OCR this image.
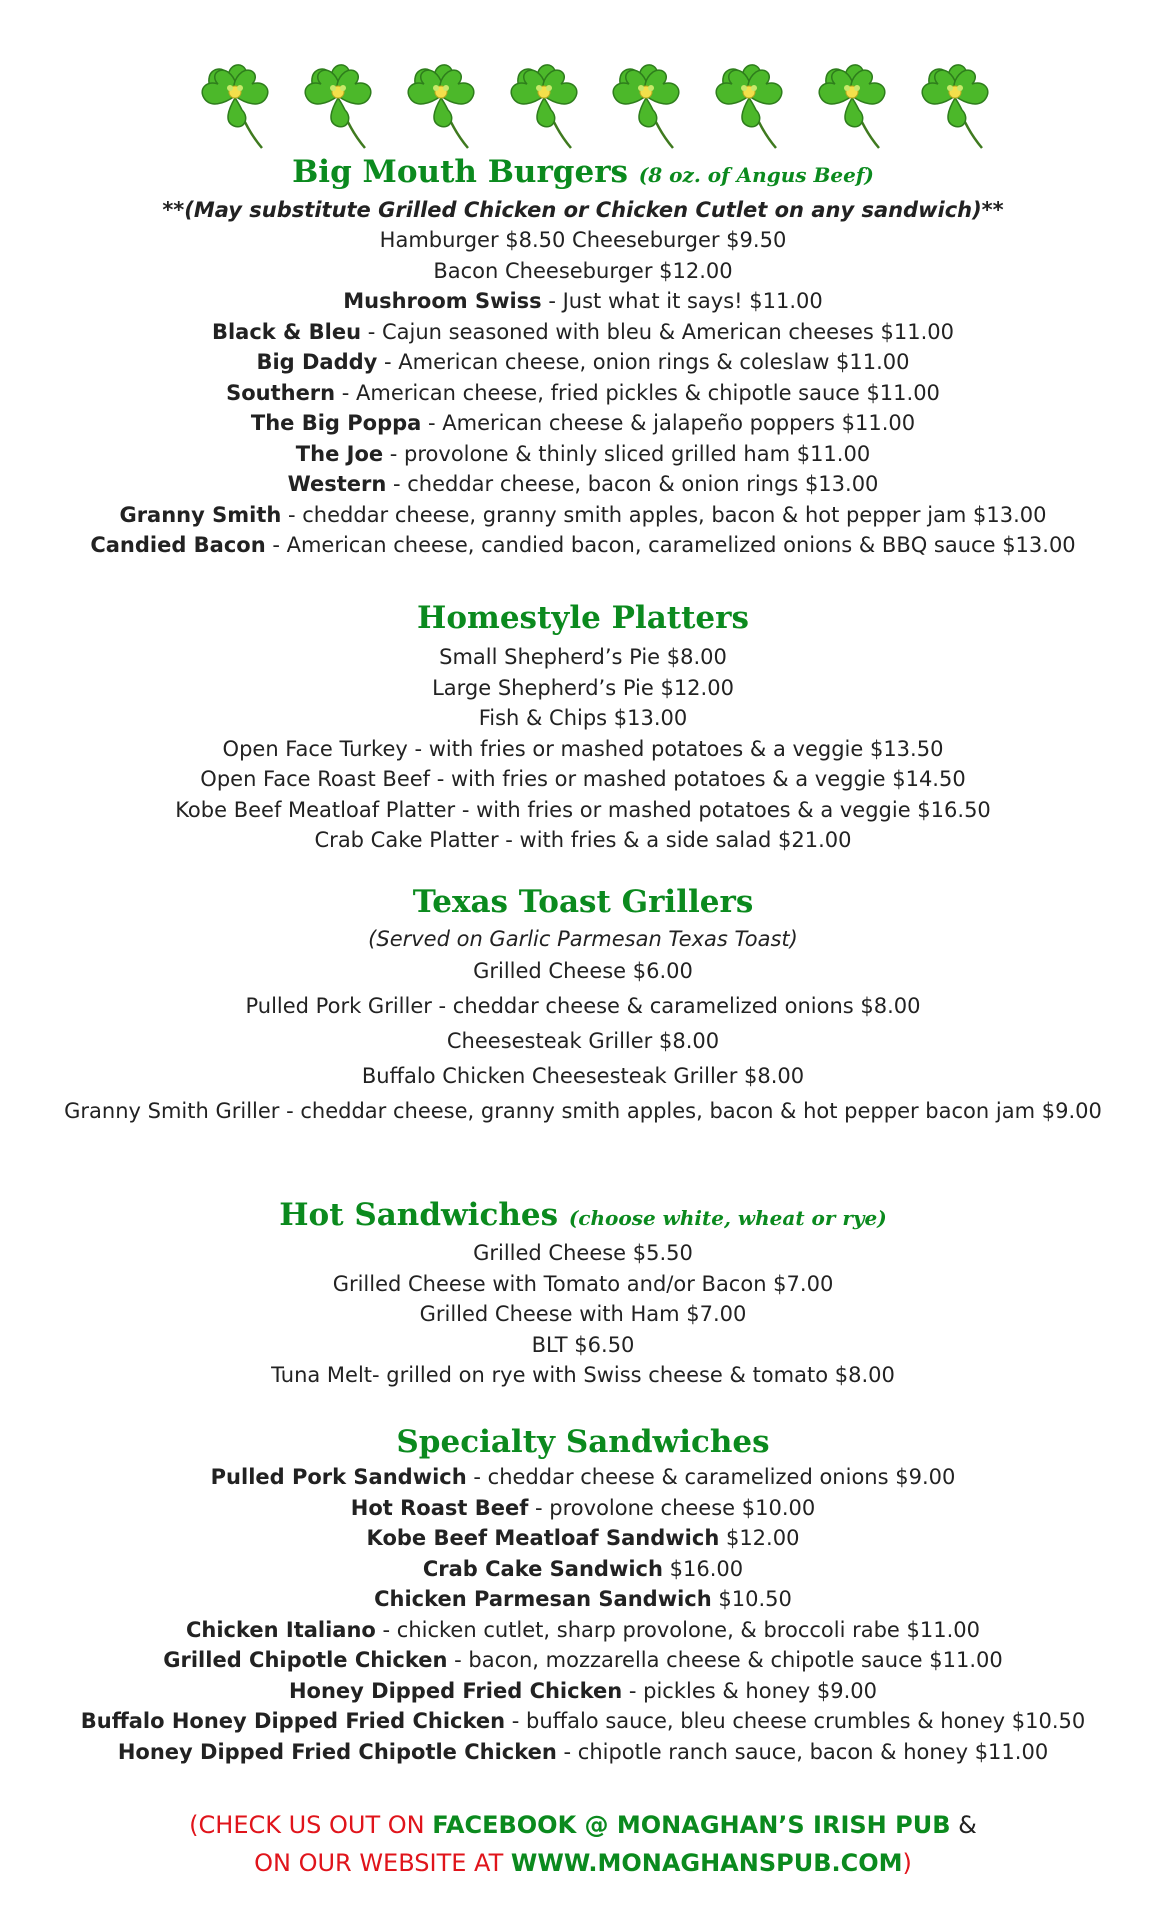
Big Mouth Burgers (8 oz. of Angus Beef)
**(May substitute Grilled Chicken or Chicken Cutlet on any sandwich)**
Hamburger $8.50 Cheeseburger $9.50
Bacon Cheeseburger $12.00
Mushroom Swiss - Just what it says! $11.00
Black & Bleu - Cajun seasoned with bleu & American cheeses $11.00
Big Daddy - American cheese, onion rings & coleslaw $11.00
Southern - American cheese, fried pickles & chipotle sauce $11.00
The Big Poppa - American cheese & jalapeño poppers $11.00
The Joe - provolone & thinly sliced grilled ham $11.00
Western - cheddar cheese, bacon & onion rings $13.00
Granny Smith - cheddar cheese, granny smith apples, bacon & hot pepper jam $13.00
Candied Bacon - American cheese, candied bacon, caramelized onions & BBQ sauce $13.00
Homestyle Platters
Small Shepherd’s Pie $8.00
Large Shepherd’s Pie $12.00
Fish & Chips $13.00
Open Face Turkey - with fries or mashed potatoes & a veggie $13.50
Open Face Roast Beef - with fries or mashed potatoes & a veggie $14.50
Kobe Beef Meatloaf Platter - with fries or mashed potatoes & a veggie $16.50
Crab Cake Platter - with fries & a side salad $21.00
Texas Toast Grillers
(Served on Garlic Parmesan Texas Toast)
Grilled Cheese $6.00
Pulled Pork Griller - cheddar cheese & caramelized onions $8.00
Cheesesteak Griller $8.00
Buffalo Chicken Cheesesteak Griller $8.00
Granny Smith Griller - cheddar cheese, granny smith apples, bacon & hot pepper bacon jam $9.00
Hot Sandwiches (choose white, wheat or rye)
Grilled Cheese $5.50
Grilled Cheese with Tomato and/or Bacon $7.00
Grilled Cheese with Ham $7.00
BLT $6.50
Tuna Melt- grilled on rye with Swiss cheese & tomato $8.00
Specialty Sandwiches
Pulled Pork Sandwich - cheddar cheese & caramelized onions $9.00
Hot Roast Beef - provolone cheese $10.00
Kobe Beef Meatloaf Sandwich $12.00
Crab Cake Sandwich $16.00
Chicken Parmesan Sandwich $10.50
Chicken Italiano - chicken cutlet, sharp provolone, & broccoli rabe $11.00
Grilled Chipotle Chicken - bacon, mozzarella cheese & chipotle sauce $11.00
Honey Dipped Fried Chicken - pickles & honey $9.00
Buffalo Honey Dipped Fried Chicken - buffalo sauce, bleu cheese crumbles & honey $10.50
Honey Dipped Fried Chipotle Chicken - chipotle ranch sauce, bacon & honey $11.00
(CHECK US OUT ON FACEBOOK @ MONAGHAN’S IRISH PUB &
ON OUR WEBSITE AT WWW.MONAGHANSPUB.COM)
